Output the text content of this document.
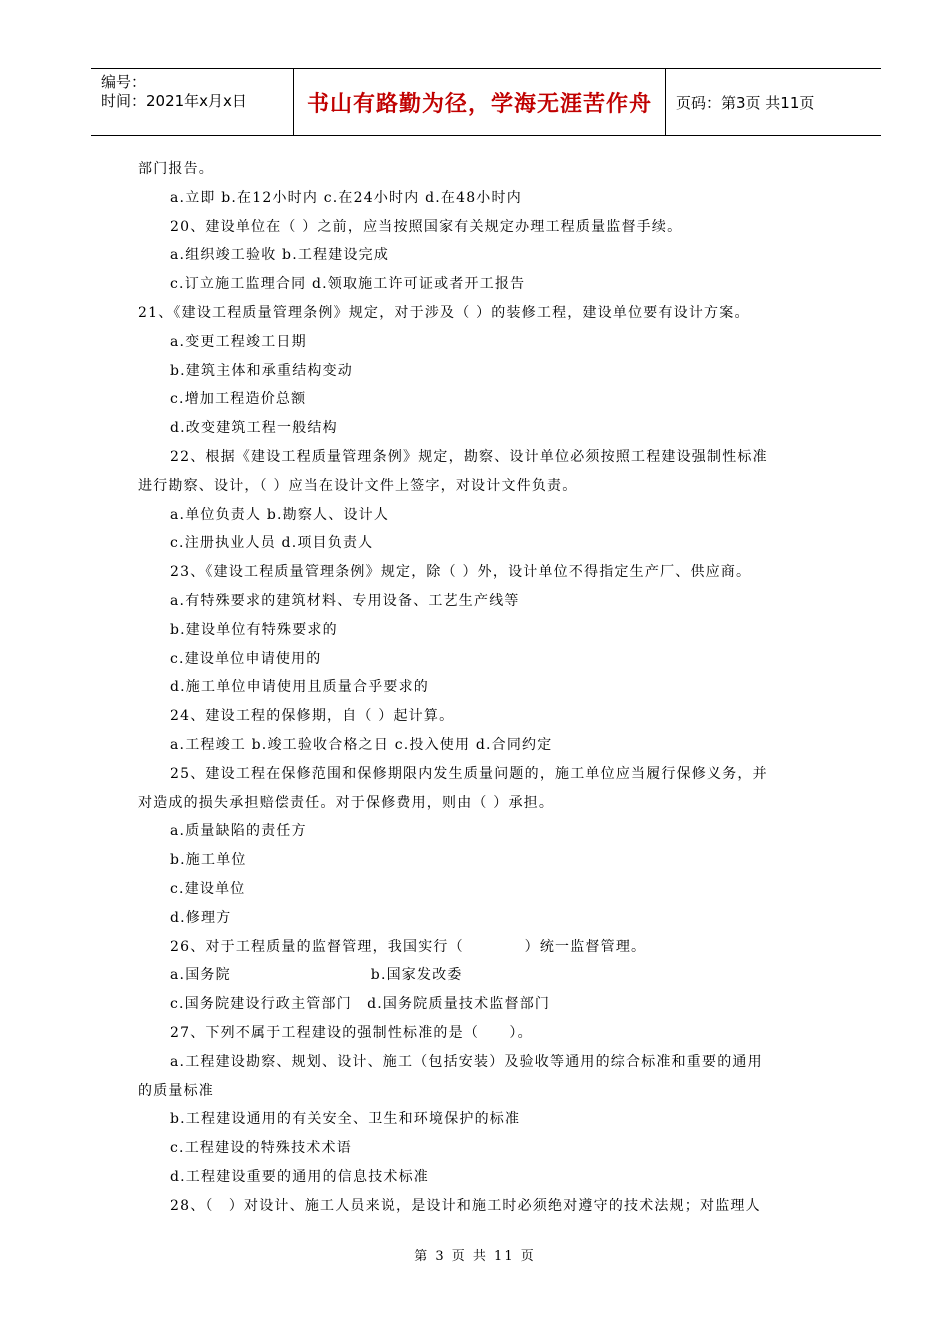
编号：
时间：2021年x月x日	书山有路勤为径，学海无涯苦作舟	页码：第3页 共11页
部门报告。
a.立即 b.在12小时内 c.在24小时内 d.在48小时内
20、建设单位在（ ）之前，应当按照国家有关规定办理工程质量监督手续。
a.组织竣工验收 b.工程建设完成
c.订立施工监理合同 d.领取施工许可证或者开工报告
21、《建设工程质量管理条例》规定，对于涉及（ ）的装修工程，建设单位要有设计方案。
a.变更工程竣工日期
b.建筑主体和承重结构变动
c.增加工程造价总额
d.改变建筑工程一般结构
22、根据《建设工程质量管理条例》规定，勘察、设计单位必须按照工程建设强制性标准
进行勘察、设计，（ ）应当在设计文件上签字，对设计文件负责。
a.单位负责人 b.勘察人、设计人
c.注册执业人员 d.项目负责人
23、《建设工程质量管理条例》规定，除（ ）外，设计单位不得指定生产厂、供应商。
a.有特殊要求的建筑材料、专用设备、工艺生产线等
b.建设单位有特殊要求的
c.建设单位申请使用的
d.施工单位申请使用且质量合乎要求的
24、建设工程的保修期，自（ ）起计算。
a.工程竣工 b.竣工验收合格之日 c.投入使用 d.合同约定
25、建设工程在保修范围和保修期限内发生质量问题的，施工单位应当履行保修义务，并
对造成的损失承担赔偿责任。对于保修费用，则由（ ）承担。
a.质量缺陷的责任方
b.施工单位
c.建设单位
d.修理方
26、对于工程质量的监督管理，我国实行（　　　　）统一监督管理。
a.国务院	b.国家发改委
c.国务院建设行政主管部门　d.国务院质量技术监督部门
27、下列不属于工程建设的强制性标准的是（　　）。
a.工程建设勘察、规划、设计、施工（包括安装）及验收等通用的综合标准和重要的通用
的质量标准
b.工程建设通用的有关安全、卫生和环境保护的标准
c.工程建设的特殊技术术语
d.工程建设重要的通用的信息技术标准
28、（　）对设计、施工人员来说，是设计和施工时必须绝对遵守的技术法规；对监理人
第 3 页 共 11 页
